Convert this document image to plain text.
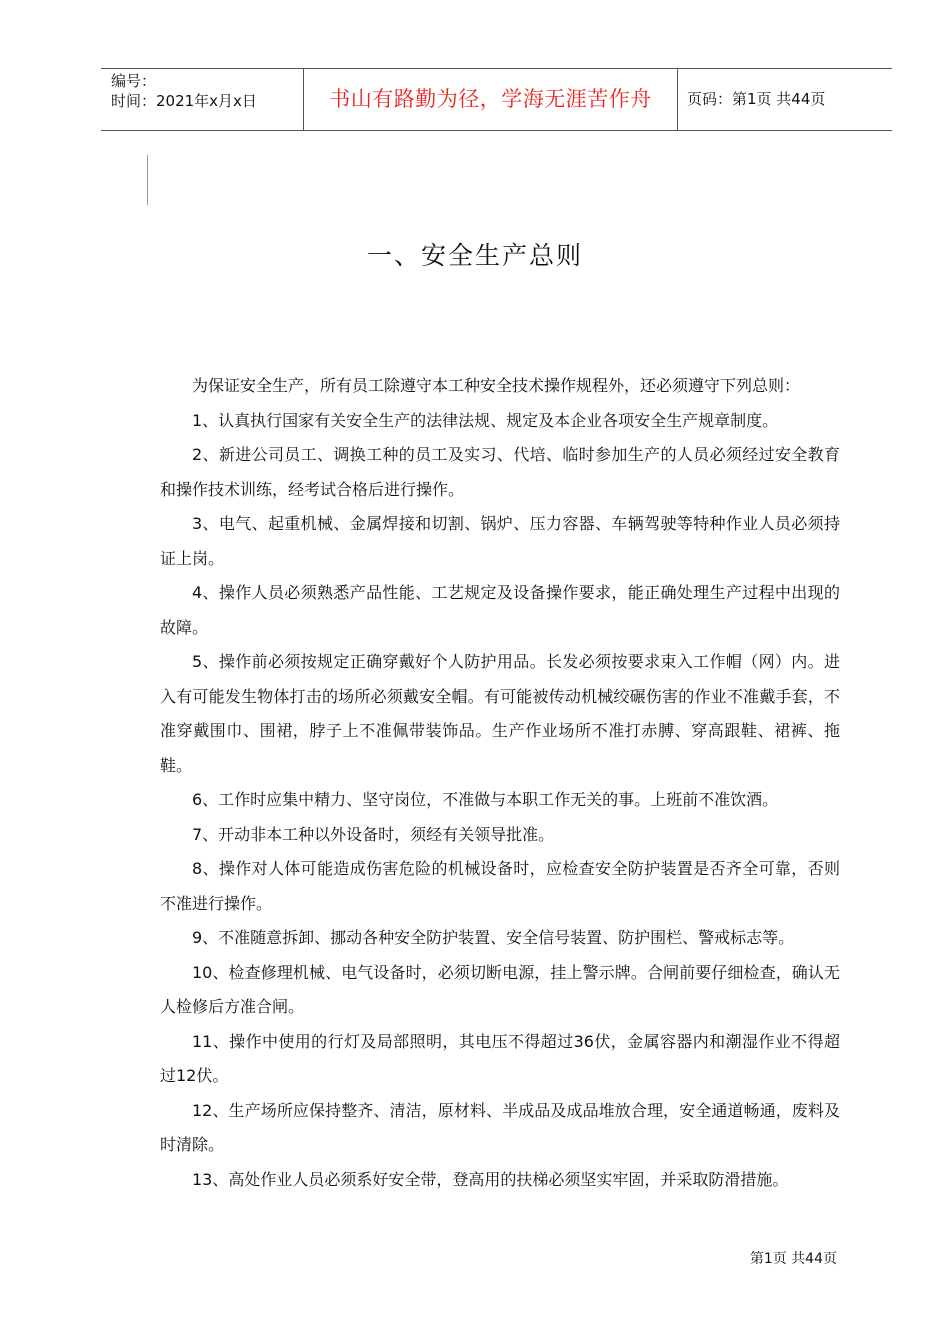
编号：
时间：2021年x月x日	书山有路勤为径，学海无涯苦作舟	页码：第1页 共44页
一、安全生产总则

为保证安全生产，所有员工除遵守本工种安全技术操作规程外，还必须遵守下列总则：

1、认真执行国家有关安全生产的法律法规、规定及本企业各项安全生产规章制度。

2、新进公司员工、调换工种的员工及实习、代培、临时参加生产的人员必须经过安全教育和操作技术训练，经考试合格后进行操作。

3、电气、起重机械、金属焊接和切割、锅炉、压力容器、车辆驾驶等特种作业人员必须持证上岗。

4、操作人员必须熟悉产品性能、工艺规定及设备操作要求，能正确处理生产过程中出现的故障。

5、操作前必须按规定正确穿戴好个人防护用品。长发必须按要求束入工作帽（网）内。进入有可能发生物体打击的场所必须戴安全帽。有可能被传动机械绞碾伤害的作业不准戴手套，不准穿戴围巾、围裙，脖子上不准佩带装饰品。生产作业场所不准打赤膊、穿高跟鞋、裙裤、拖鞋。

6、工作时应集中精力、坚守岗位，不准做与本职工作无关的事。上班前不准饮酒。

7、开动非本工种以外设备时，须经有关领导批准。

8、操作对人体可能造成伤害危险的机械设备时，应检查安全防护装置是否齐全可靠，否则不准进行操作。

9、不准随意拆卸、挪动各种安全防护装置、安全信号装置、防护围栏、警戒标志等。

10、检查修理机械、电气设备时，必须切断电源，挂上警示牌。合闸前要仔细检查，确认无人检修后方准合闸。

11、操作中使用的行灯及局部照明，其电压不得超过36伏，金属容器内和潮湿作业不得超过12伏。

12、生产场所应保持整齐、清洁，原材料、半成品及成品堆放合理，安全通道畅通，废料及时清除。

13、高处作业人员必须系好安全带，登高用的扶梯必须坚实牢固，并采取防滑措施。

第1页 共44页
